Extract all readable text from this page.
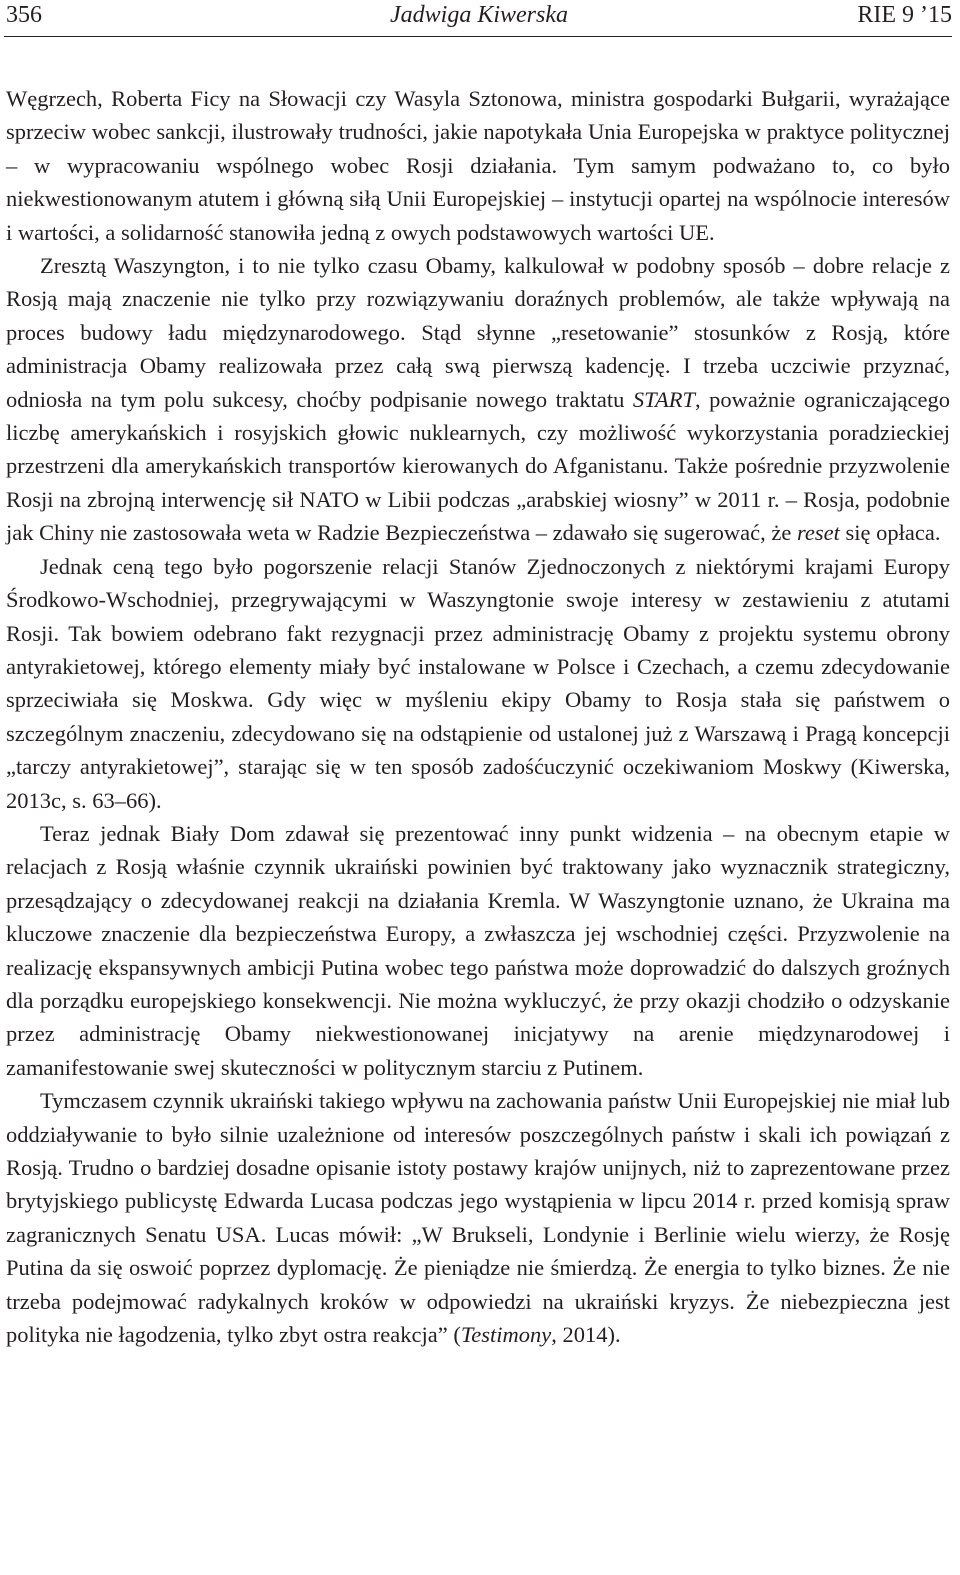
356	Jadwiga Kiwerska	RIE 9 ’15

Węgrzech, Roberta Ficy na Słowacji czy Wasyla Sztonowa, ministra gospodarki Bułgarii, wyrażające sprzeciw wobec sankcji, ilustrowały trudności, jakie napotykała Unia Europejska w praktyce politycznej – w wypracowaniu wspólnego wobec Rosji działania. Tym samym podważano to, co było niekwestionowanym atutem i główną siłą Unii Europejskiej – instytucji opartej na wspólnocie interesów i wartości, a solidarność stanowiła jedną z owych podstawowych wartości UE.

Zresztą Waszyngton, i to nie tylko czasu Obamy, kalkulował w podobny sposób – dobre relacje z Rosją mają znaczenie nie tylko przy rozwiązywaniu doraźnych problemów, ale także wpływają na proces budowy ładu międzynarodowego. Stąd słynne „resetowanie” stosunków z Rosją, które administracja Obamy realizowała przez całą swą pierwszą kadencję. I trzeba uczciwie przyznać, odniosła na tym polu sukcesy, choćby podpisanie nowego traktatu START, poważnie ograniczającego liczbę amerykańskich i rosyjskich głowic nuklearnych, czy możliwość wykorzystania poradzieckiej przestrzeni dla amerykańskich transportów kierowanych do Afganistanu. Także pośrednie przyzwolenie Rosji na zbrojną interwencję sił NATO w Libii podczas „arabskiej wiosny” w 2011 r. – Rosja, podobnie jak Chiny nie zastosowała weta w Radzie Bezpieczeństwa – zdawało się sugerować, że reset się opłaca.

Jednak ceną tego było pogorszenie relacji Stanów Zjednoczonych z niektórymi krajami Europy Środkowo-Wschodniej, przegrywającymi w Waszyngtonie swoje interesy w zestawieniu z atutami Rosji. Tak bowiem odebrano fakt rezygnacji przez administrację Obamy z projektu systemu obrony antyrakietowej, którego elementy miały być instalowane w Polsce i Czechach, a czemu zdecydowanie sprzeciwiała się Moskwa. Gdy więc w myśleniu ekipy Obamy to Rosja stała się państwem o szczególnym znaczeniu, zdecydowano się na odstąpienie od ustalonej już z Warszawą i Pragą koncepcji „tarczy antyrakietowej”, starając się w ten sposób zadośćuczynić oczekiwaniom Moskwy (Kiwerska, 2013c, s. 63–66).

Teraz jednak Biały Dom zdawał się prezentować inny punkt widzenia – na obecnym etapie w relacjach z Rosją właśnie czynnik ukraiński powinien być traktowany jako wyznacznik strategiczny, przesądzający o zdecydowanej reakcji na działania Kremla. W Waszyngtonie uznano, że Ukraina ma kluczowe znaczenie dla bezpieczeństwa Europy, a zwłaszcza jej wschodniej części. Przyzwolenie na realizację ekspansywnych ambicji Putina wobec tego państwa może doprowadzić do dalszych groźnych dla porządku europejskiego konsekwencji. Nie można wykluczyć, że przy okazji chodziło o odzyskanie przez administrację Obamy niekwestionowanej inicjatywy na arenie międzynarodowej i zamanifestowanie swej skuteczności w politycznym starciu z Putinem.

Tymczasem czynnik ukraiński takiego wpływu na zachowania państw Unii Europejskiej nie miał lub oddziaływanie to było silnie uzależnione od interesów poszczególnych państw i skali ich powiązań z Rosją. Trudno o bardziej dosadne opisanie istoty postawy krajów unijnych, niż to zaprezentowane przez brytyjskiego publicystę Edwarda Lucasa podczas jego wystąpienia w lipcu 2014 r. przed komisją spraw zagranicznych Senatu USA. Lucas mówił: „W Brukseli, Londynie i Berlinie wielu wierzy, że Rosję Putina da się oswoić poprzez dyplomację. Że pieniądze nie śmierdzą. Że energia to tylko biznes. Że nie trzeba podejmować radykalnych kroków w odpowiedzi na ukraiński kryzys. Że niebezpieczna jest polityka nie łagodzenia, tylko zbyt ostra reakcja” (Testimony, 2014).
